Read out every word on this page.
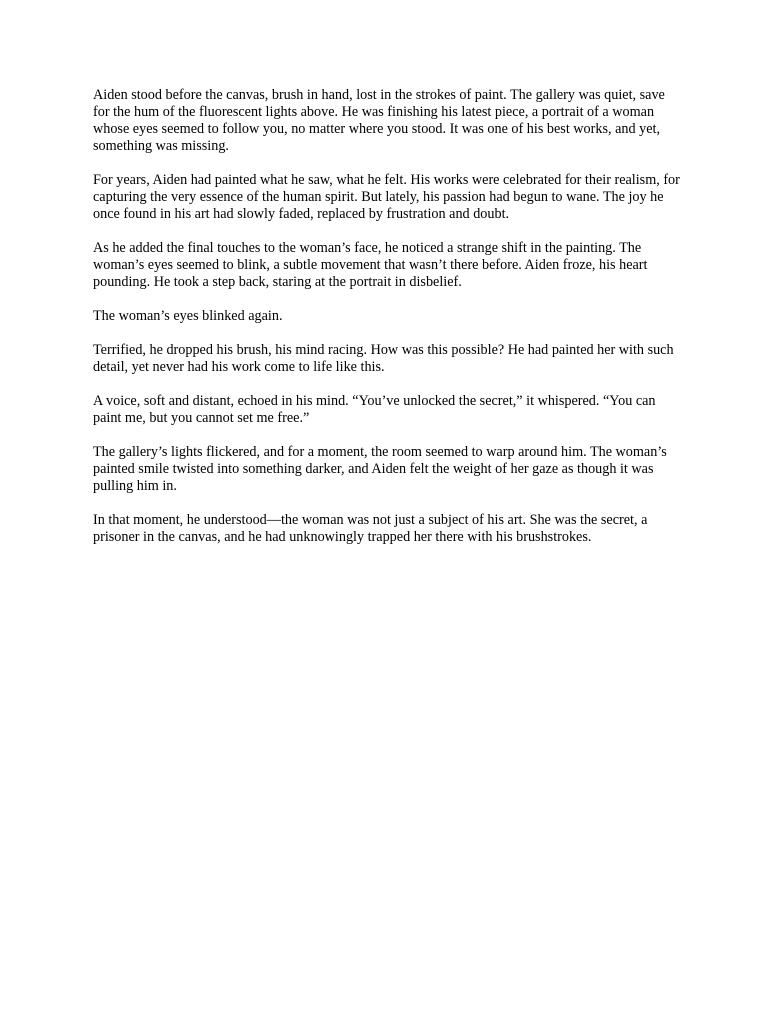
Aiden stood before the canvas, brush in hand, lost in the strokes of paint. The gallery was quiet, save for the hum of the fluorescent lights above. He was finishing his latest piece, a portrait of a woman whose eyes seemed to follow you, no matter where you stood. It was one of his best works, and yet, something was missing.

For years, Aiden had painted what he saw, what he felt. His works were celebrated for their realism, for capturing the very essence of the human spirit. But lately, his passion had begun to wane. The joy he once found in his art had slowly faded, replaced by frustration and doubt.

As he added the final touches to the woman’s face, he noticed a strange shift in the painting. The woman’s eyes seemed to blink, a subtle movement that wasn’t there before. Aiden froze, his heart pounding. He took a step back, staring at the portrait in disbelief.

The woman’s eyes blinked again.

Terrified, he dropped his brush, his mind racing. How was this possible? He had painted her with such detail, yet never had his work come to life like this.

A voice, soft and distant, echoed in his mind. “You’ve unlocked the secret,” it whispered. “You can paint me, but you cannot set me free.”

The gallery’s lights flickered, and for a moment, the room seemed to warp around him. The woman’s painted smile twisted into something darker, and Aiden felt the weight of her gaze as though it was pulling him in.

In that moment, he understood—the woman was not just a subject of his art. She was the secret, a prisoner in the canvas, and he had unknowingly trapped her there with his brushstrokes.
